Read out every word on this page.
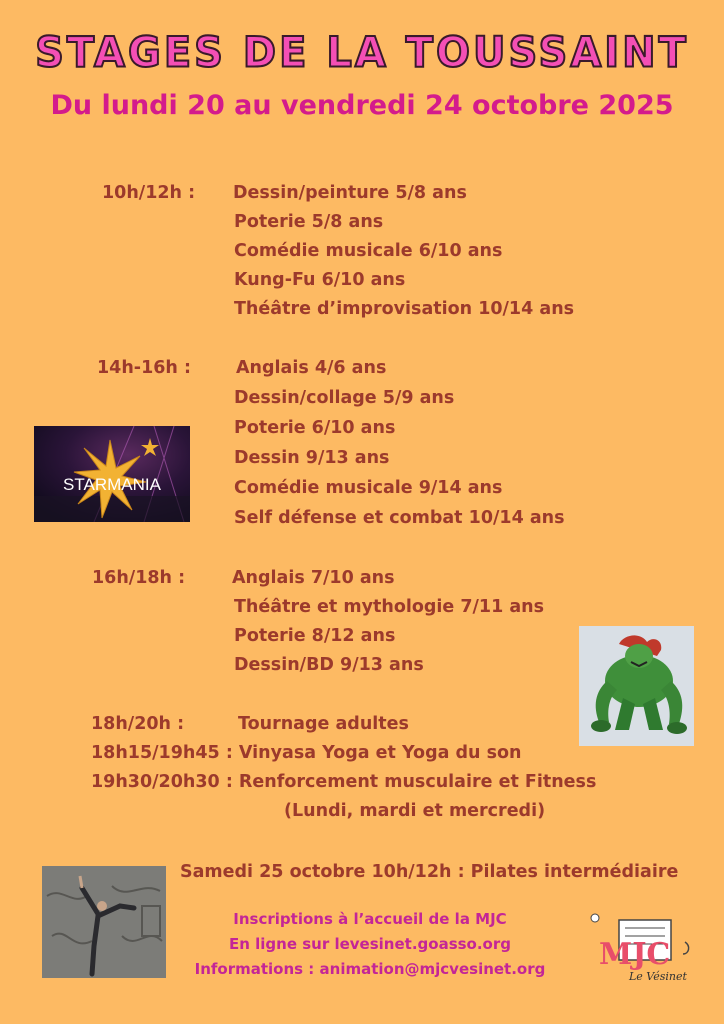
STAGES DE LA TOUSSAINT
Du lundi 20 au vendredi 24 octobre 2025
10h/12h : Dessin/peinture 5/8 ans
Poterie 5/8 ans
Comédie musicale 6/10 ans
Kung-Fu 6/10 ans
Théâtre d’improvisation 10/14 ans
14h-16h :	Anglais 4/6 ans
Dessin/collage 5/9 ans
Poterie 6/10 ans
Dessin 9/13 ans
Comédie musicale 9/14 ans
Self défense et combat 10/14 ans
16h/18h :	Anglais 7/10 ans
Théâtre et mythologie 7/11 ans
Poterie 8/12 ans
Dessin/BD 9/13 ans
18h/20h :	Tournage adultes
18h15/19h45 : Vinyasa Yoga et Yoga du son
19h30/20h30 : Renforcement musculaire et Fitness
(Lundi, mardi et mercredi)
Samedi 25 octobre 10h/12h : Pilates intermédiaire
Inscriptions à l’accueil de la MJC
En ligne sur levesinet.goasso.org
Informations : animation@mjcvesinet.org
STARMANIA
MJC
Le Vésinet
